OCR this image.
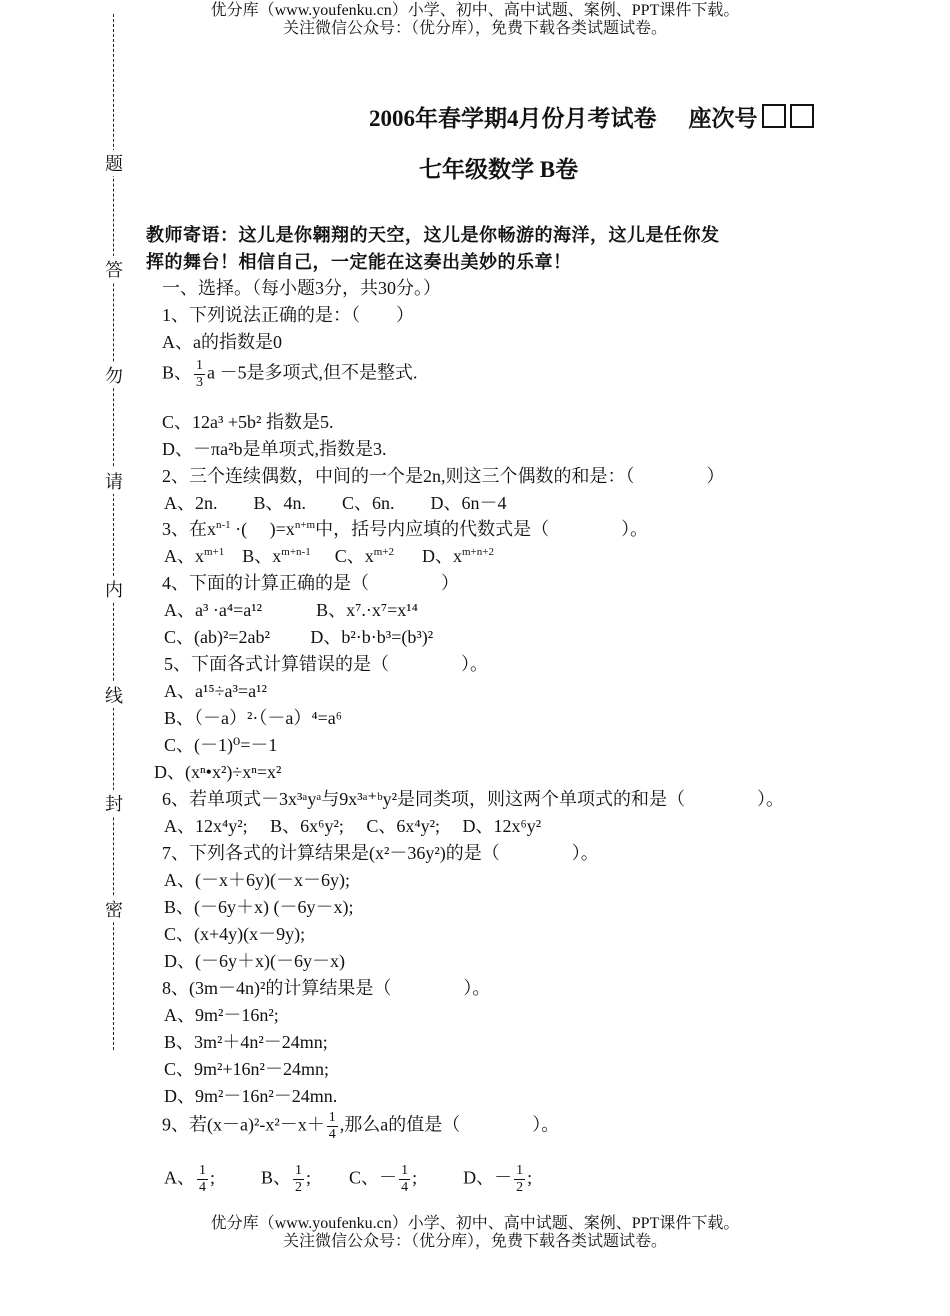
优分库（www.youfenku.cn）小学、初中、高中试题、案例、PPT课件下载。
关注微信公众号：（优分库），免费下载各类试题试卷。
题
答
勿
请
内
线
封
密
2006年春学期4月份月考试卷 座次号
七年级数学 B卷
教师寄语：这儿是你翱翔的天空，这儿是你畅游的海洋，这儿是任你发
挥的舞台！相信自己，一定能在这奏出美妙的乐章！
一、选择。（每小题3分，共30分。）
1、下列说法正确的是：（　　）
A、a的指数是0
B、 $\frac{1}{3}$ a －5是多项式,但不是整式.
C、12a³ +5b² 指数是5.
D、－πa²b是单项式,指数是3.
2、三个连续偶数，中间的一个是2n,则这三个偶数的和是：（　　　　）
A、2n.　　B、4n.　　C、6n.　　D、6n－4
3、在$x^{n-1}$ ·(　 )$=x^{n+m}$中，括号内应填的代数式是（　　　　）。
A、$x^{m+1}$ B、$x^{m+n-1}$ C、$x^{m+2}$ D、$x^{m+n+2}$
4、下面的计算正确的是（　　　　）
A、a³ ·a⁴=a¹²　　　B、x⁷.·x⁷=x¹⁴
C、(ab)²=2ab²　　 D、b²·b·b³=(b³)²
5、下面各式计算错误的是（　　　　）。
A、a¹⁵÷a³=a¹²
B、（－a）²·（－a）⁴=a⁶
C、(－1)⁰=－1
D、(xⁿ•x²)÷xⁿ=x²
6、若单项式－3x³ᵃyᵃ与9x³ᵃ⁺ᵇy²是同类项，则这两个单项式的和是（　　　　）。
A、12x⁴y²;　 B、6x⁶y²;　 C、6x⁴y²;　 D、12x⁶y²
7、下列各式的计算结果是(x²－36y²)的是（　　　　）。
A、(－x＋6y)(－x－6y);
B、(－6y＋x) (－6y－x);
C、(x+4y)(x－9y);
D、(－6y＋x)(－6y－x)
8、(3m－4n)²的计算结果是（　　　　）。
A、9m²－16n²;
B、3m²＋4n²－24mn;
C、9m²+16n²－24mn;
D、9m²－16n²－24mn.
9、若$(x-a)^2-x^2-x+ \frac{1}{4}$ ,那么a的值是（　　　　）。
A、 $\frac{1}{4}$ ;	B、 $\frac{1}{2}$ ; C、－ $\frac{1}{4}$ ;	D、－ $\frac{1}{2}$ ;
优分库（www.youfenku.cn）小学、初中、高中试题、案例、PPT课件下载。
关注微信公众号：（优分库），免费下载各类试题试卷。
